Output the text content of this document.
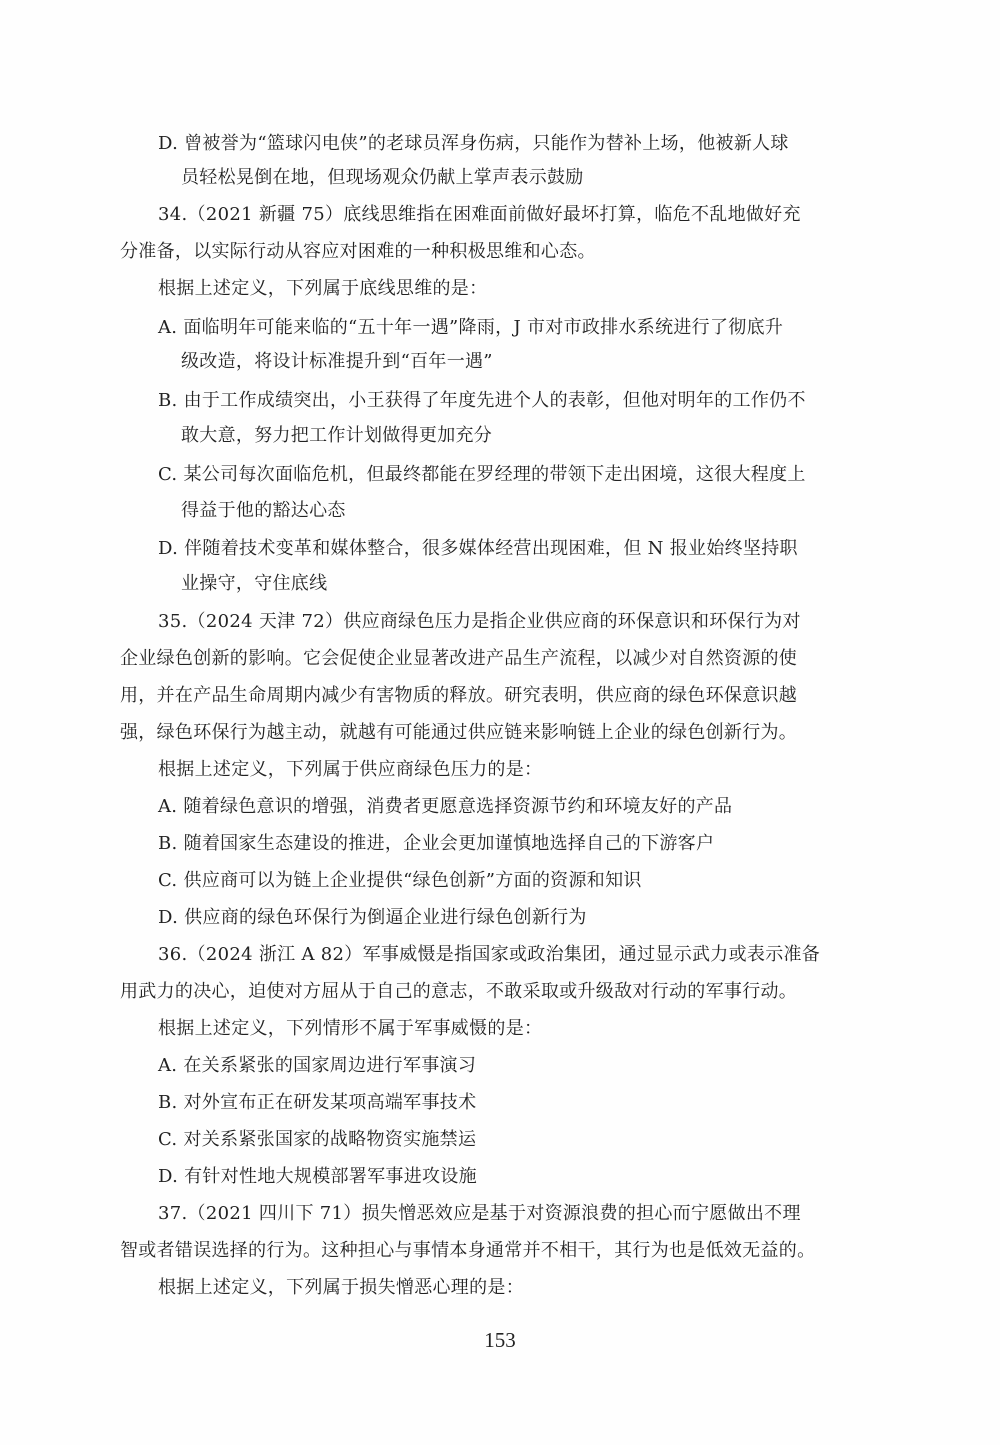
D. 曾被誉为“篮球闪电侠”的老球员浑身伤病，只能作为替补上场，他被新人球
员轻松晃倒在地，但现场观众仍献上掌声表示鼓励
34.（2021 新疆 75）底线思维指在困难面前做好最坏打算，临危不乱地做好充
分准备，以实际行动从容应对困难的一种积极思维和心态。
根据上述定义，下列属于底线思维的是：
A. 面临明年可能来临的“五十年一遇”降雨，J 市对市政排水系统进行了彻底升
级改造，将设计标准提升到“百年一遇”
B. 由于工作成绩突出，小王获得了年度先进个人的表彰，但他对明年的工作仍不
敢大意，努力把工作计划做得更加充分
C. 某公司每次面临危机，但最终都能在罗经理的带领下走出困境，这很大程度上
得益于他的豁达心态
D. 伴随着技术变革和媒体整合，很多媒体经营出现困难，但 N 报业始终坚持职
业操守，守住底线
35.（2024 天津 72）供应商绿色压力是指企业供应商的环保意识和环保行为对
企业绿色创新的影响。它会促使企业显著改进产品生产流程，以减少对自然资源的使
用，并在产品生命周期内减少有害物质的释放。研究表明，供应商的绿色环保意识越
强，绿色环保行为越主动，就越有可能通过供应链来影响链上企业的绿色创新行为。
根据上述定义，下列属于供应商绿色压力的是：
A. 随着绿色意识的增强，消费者更愿意选择资源节约和环境友好的产品
B. 随着国家生态建设的推进，企业会更加谨慎地选择自己的下游客户
C. 供应商可以为链上企业提供“绿色创新”方面的资源和知识
D. 供应商的绿色环保行为倒逼企业进行绿色创新行为
36.（2024 浙江 A 82）军事威慑是指国家或政治集团，通过显示武力或表示准备
用武力的决心，迫使对方屈从于自己的意志，不敢采取或升级敌对行动的军事行动。
根据上述定义，下列情形不属于军事威慑的是：
A. 在关系紧张的国家周边进行军事演习
B. 对外宣布正在研发某项高端军事技术
C. 对关系紧张国家的战略物资实施禁运
D. 有针对性地大规模部署军事进攻设施
37.（2021 四川下 71）损失憎恶效应是基于对资源浪费的担心而宁愿做出不理
智或者错误选择的行为。这种担心与事情本身通常并不相干，其行为也是低效无益的。
根据上述定义，下列属于损失憎恶心理的是：
153
